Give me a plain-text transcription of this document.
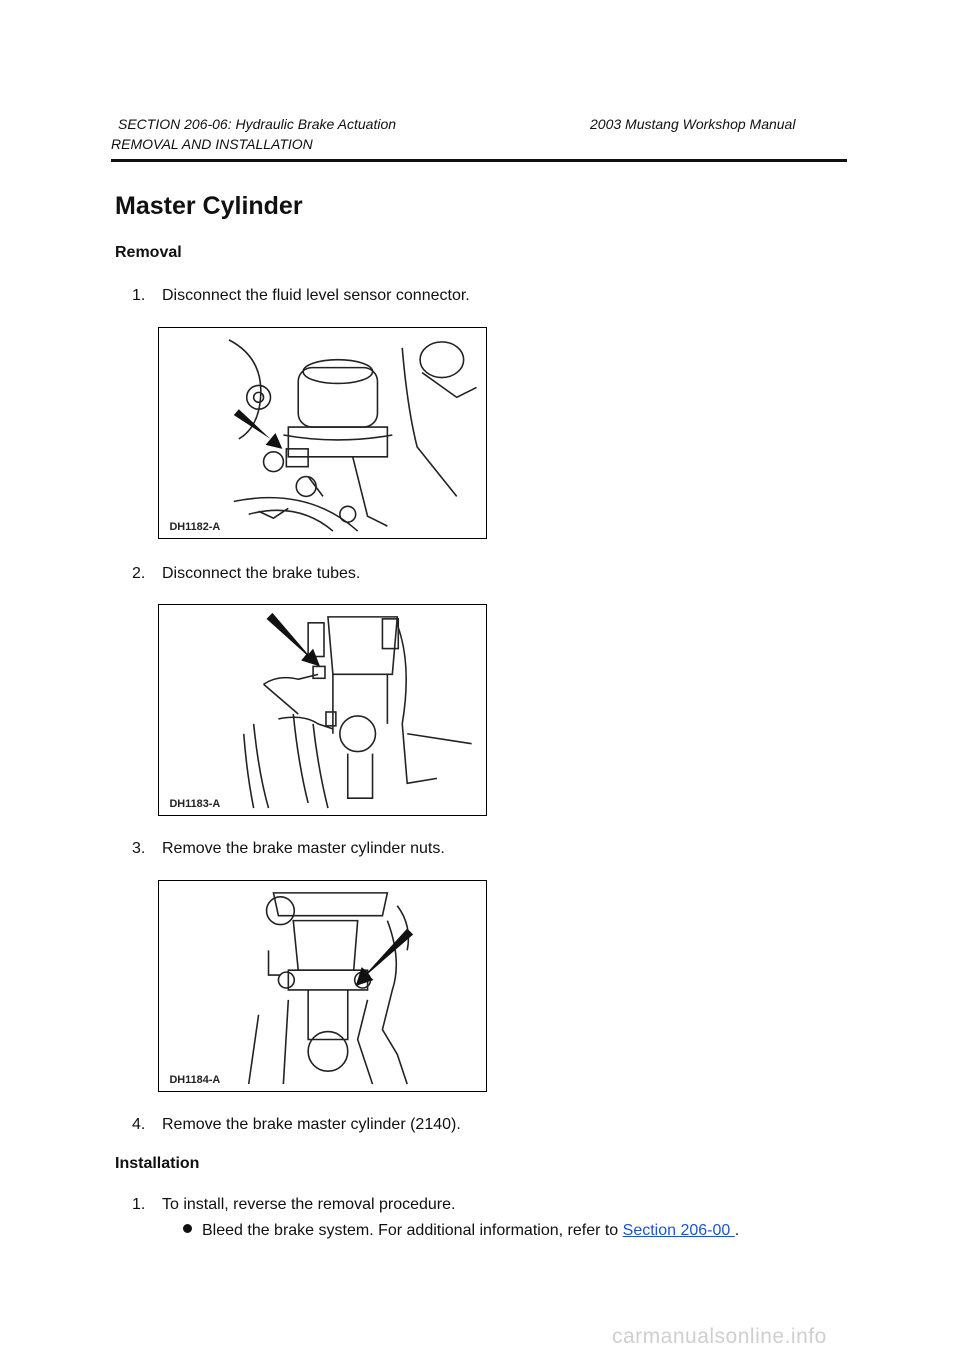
SECTION 206-06: Hydraulic Brake Actuation	2003 Mustang Workshop Manual
REMOVAL AND INSTALLATION
Master Cylinder
Removal
1. Disconnect the fluid level sensor connector.
DH1182-A
2. Disconnect the brake tubes.
DH1183-A
3. Remove the brake master cylinder nuts.
DH1184-A
4. Remove the brake master cylinder (2140).
Installation
1. To install, reverse the removal procedure.
Bleed the brake system. For additional information, refer to Section 206-00 .
carmanualsonline.info
